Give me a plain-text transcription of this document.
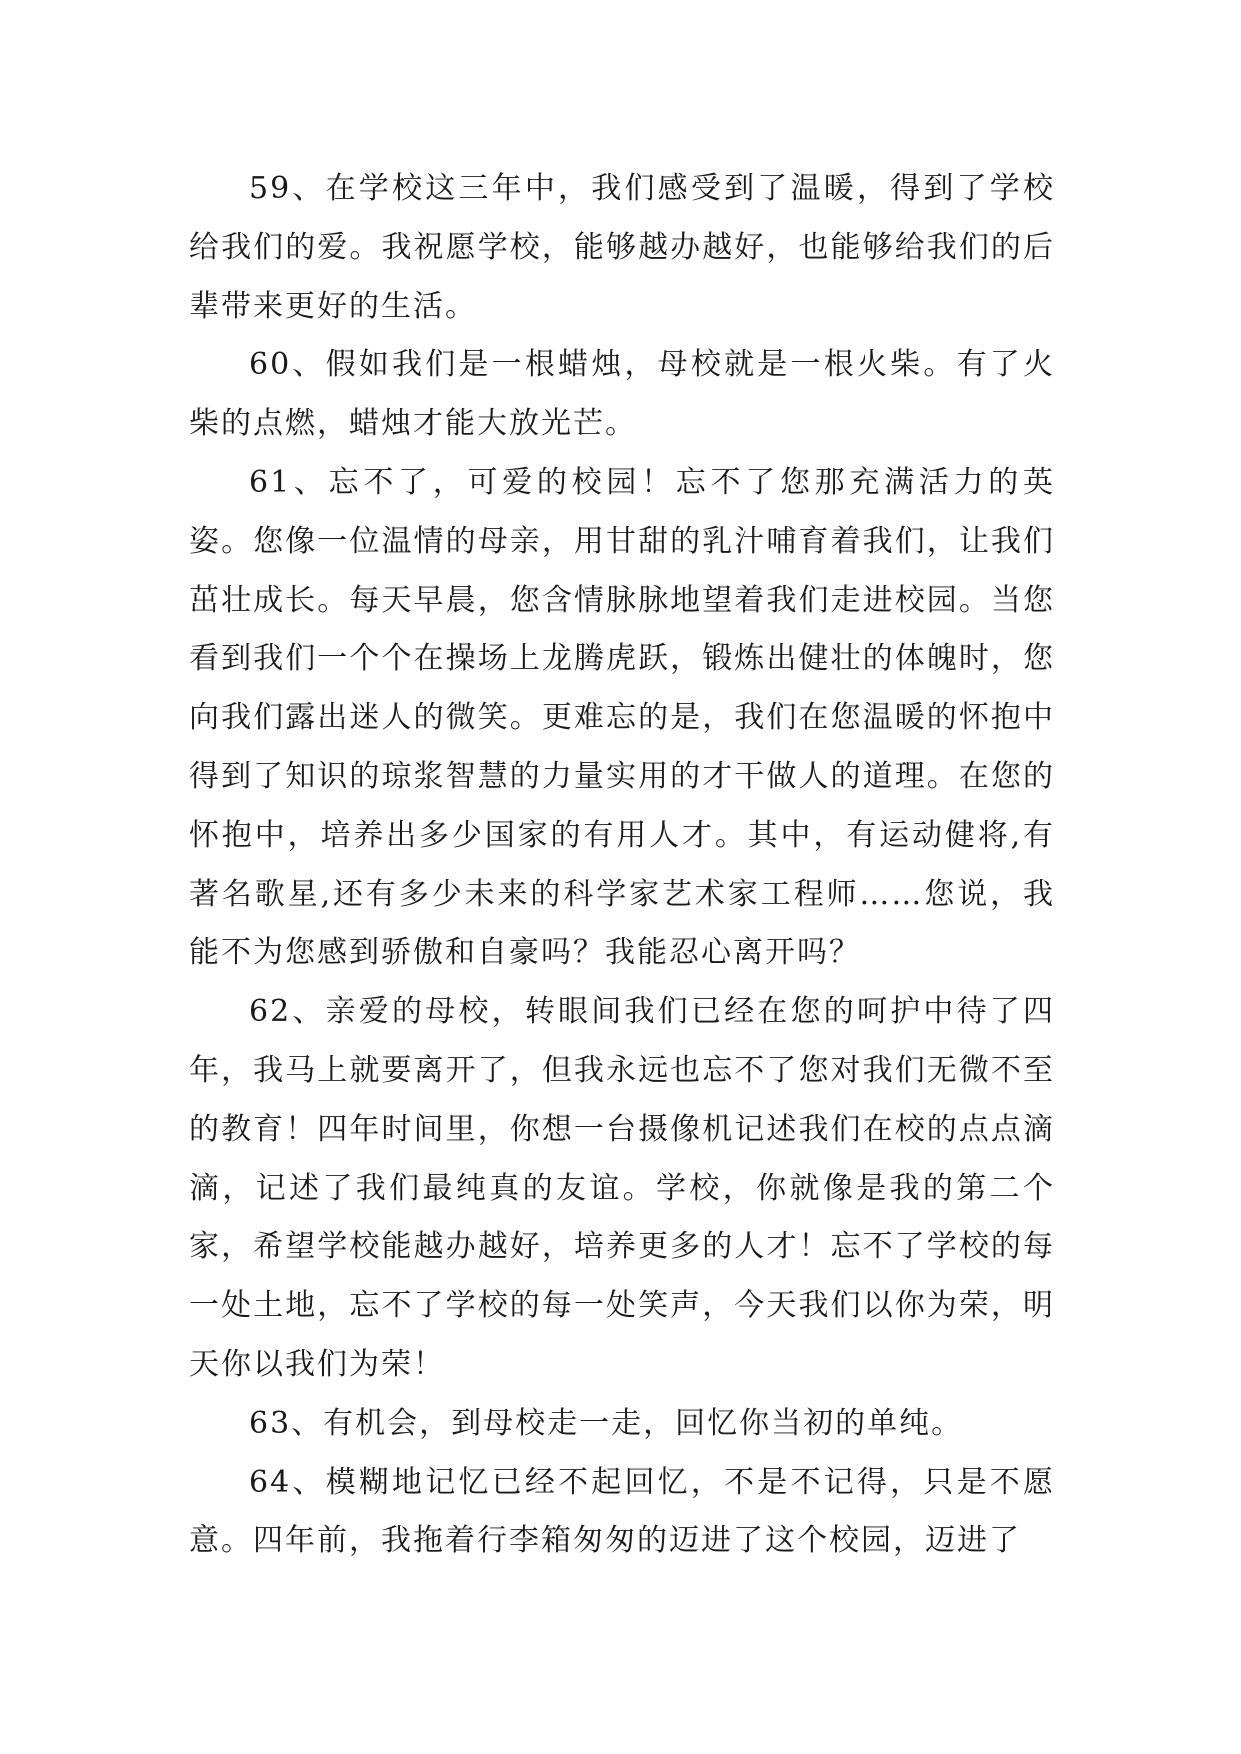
59、在学校这三年中，我们感受到了温暖，得到了学校给我们的爱。我祝愿学校，能够越办越好，也能够给我们的后辈带来更好的生活。

60、假如我们是一根蜡烛，母校就是一根火柴。有了火柴的点燃，蜡烛才能大放光芒。

61、忘不了，可爱的校园！忘不了您那充满活力的英姿。您像一位温情的母亲，用甘甜的乳汁哺育着我们，让我们茁壮成长。每天早晨，您含情脉脉地望着我们走进校园。当您看到我们一个个在操场上龙腾虎跃，锻炼出健壮的体魄时，您向我们露出迷人的微笑。更难忘的是，我们在您温暖的怀抱中得到了知识的琼浆智慧的力量实用的才干做人的道理。在您的怀抱中，培养出多少国家的有用人才。其中，有运动健将,有著名歌星,还有多少未来的科学家艺术家工程师……您说，我能不为您感到骄傲和自豪吗？我能忍心离开吗？

62、亲爱的母校，转眼间我们已经在您的呵护中待了四年，我马上就要离开了，但我永远也忘不了您对我们无微不至的教育！四年时间里，你想一台摄像机记述我们在校的点点滴滴，记述了我们最纯真的友谊。学校，你就像是我的第二个家，希望学校能越办越好，培养更多的人才！忘不了学校的每一处土地，忘不了学校的每一处笑声，今天我们以你为荣，明天你以我们为荣！

63、有机会，到母校走一走，回忆你当初的单纯。

64、模糊地记忆已经不起回忆，不是不记得，只是不愿意。四年前，我拖着行李箱匆匆的迈进了这个校园，迈进了
